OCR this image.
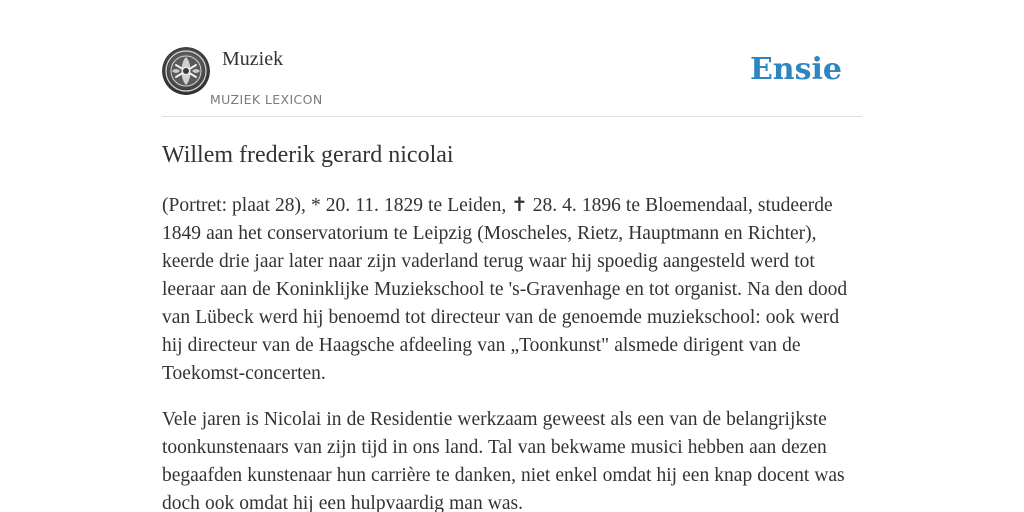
Muziek
MUZIEK LEXICON
Ensie
Willem frederik gerard nicolai

(Portret: plaat 28), * 20. 11. 1829 te Leiden, ✝ 28. 4. 1896 te Bloemendaal, studeerde 1849 aan het conservatorium te Leipzig (Moscheles, Rietz, Hauptmann en Richter), keerde drie jaar later naar zijn vaderland terug waar hij spoedig aangesteld werd tot leeraar aan de Koninklijke Muziekschool te 's-Gravenhage en tot organist. Na den dood van Lübeck werd hij benoemd tot directeur van de genoemde muziekschool: ook werd hij directeur van de Haagsche afdeeling van „Toonkunst" alsmede dirigent van de Toekomst-concerten.

Vele jaren is Nicolai in de Residentie werkzaam geweest als een van de belangrijkste toonkunstenaars van zijn tijd in ons land. Tal van bekwame musici hebben aan dezen begaafden kunstenaar hun carrière te danken, niet enkel omdat hij een knap docent was doch ook omdat hij een hulpvaardig man was.
